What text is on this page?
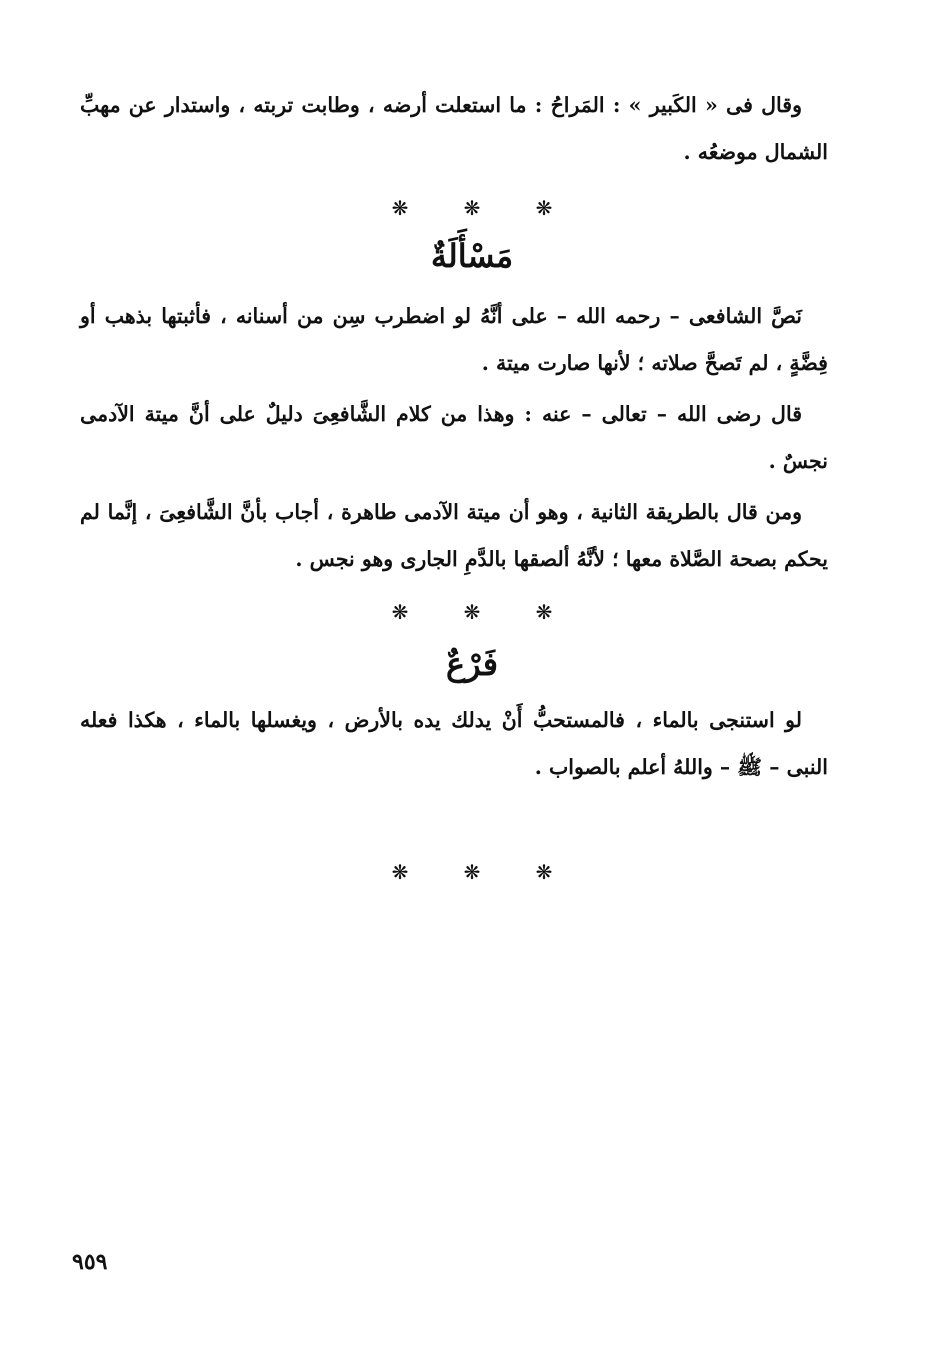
وقال فى « الكَبير » : المَراحُ : ما استعلت أرضه ، وطابت تربته ، واستدار عن مهبِّ الشمال موضعُه .

❋	❋	❋
مَسْأَلَةٌ

نَصَّ الشافعى – رحمه الله – على أنَّهُ لو اضطرب سِن من أسنانه ، فأثبتها بذهب أو فِضَّةٍ ، لم تَصحَّ صلاته ؛ لأنها صارت ميتة .

قال رضى الله – تعالى – عنه : وهذا من كلام الشَّافعِىَ دليلٌ على أنَّ ميتة الآدمى نجسٌ .

ومن قال بالطريقة الثانية ، وهو أن ميتة الآدمى طاهرة ، أجاب بأنَّ الشَّافعِىَ ، إنَّما لم يحكم بصحة الصَّلاة معها ؛ لأنَّهُ ألصقها بالدَّمِ الجارى وهو نجس .

❋	❋	❋
فَرْعٌ

لو استنجى بالماء ، فالمستحبُّ أَنْ يدلك يده بالأرض ، ويغسلها بالماء ، هكذا فعله النبى – ﷺ – واللهُ أعلم بالصواب .

❋	❋	❋
٩٥٩
